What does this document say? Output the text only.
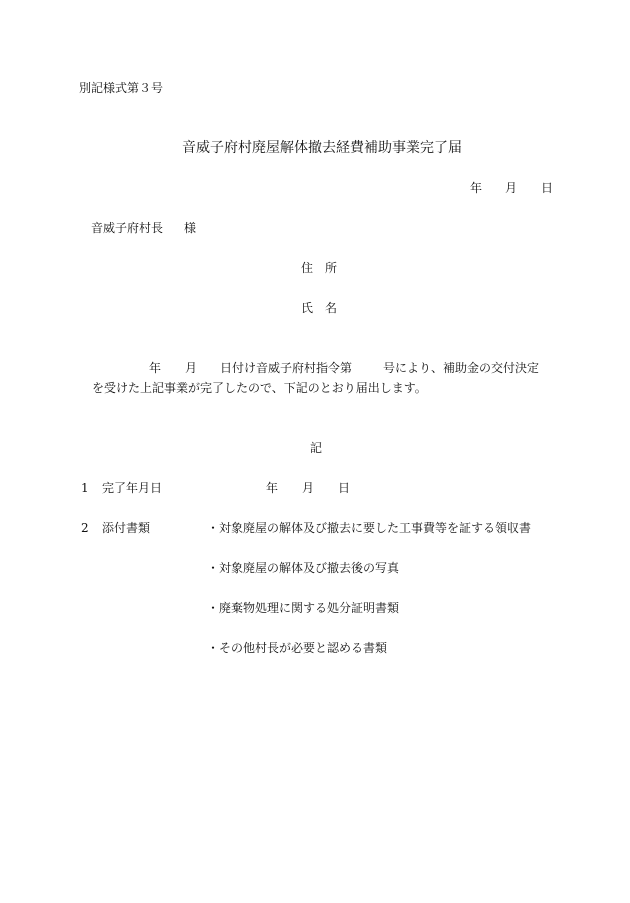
別記様式第３号
音威子府村廃屋解体撤去経費補助事業完了届
年 月 日
音威子府村長 様
住 所
氏 名
年 月 日付け音威子府村指令第	号により、補助金の交付決定
を受けた上記事業が完了したので、下記のとおり届出します。
記
1 完了年月日	年 月 日
2 添付書類	・対象廃屋の解体及び撤去に要した工事費等を証する領収書
・対象廃屋の解体及び撤去後の写真
・廃棄物処理に関する処分証明書類
・その他村長が必要と認める書類
